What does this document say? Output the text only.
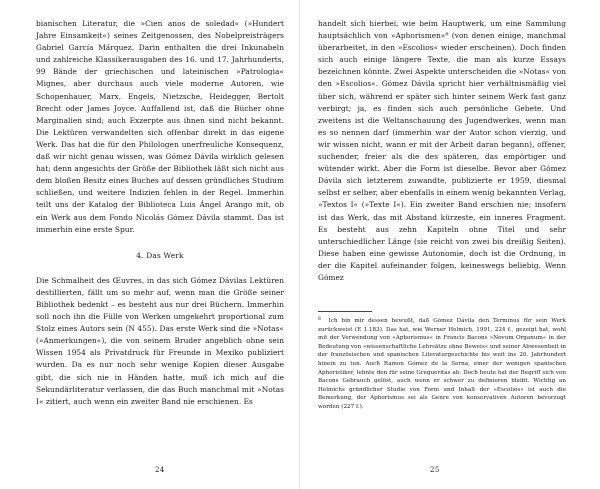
bianischen Literatur, die »Cien anos de soledad« (»Hundert Jahre Einsamkeit«) seines Zeitgenossen, des Nobelpreisträgers Gabriel García Márquez. Darin enthalten die drei Inkunabeln und zahlreiche Klassikerausgaben des 16. und 17. Jahrhunderts, 99 Bände der griechischen und lateinischen »Patrologia« Mignes, aber durchaus auch viele moderne Autoren, wie Schopenhauer, Marx, Engels, Nietzsche, Heidegger, Bertolt Brecht oder James Joyce. Auffallend ist, daß die Bücher ohne Marginalien sind; auch Exzerpte aus ihnen sind nicht bekannt. Die Lektüren verwandelten sich offenbar direkt in das eigene Werk. Das hat die für den Philologen unerfreuliche Konsequenz, daß wir nicht genau wissen, was Gómez Dávila wirklich gelesen hat; denn angesichts der Größe der Bibliothek läßt sich nicht aus dem bloßen Besitz eines Buches auf dessen gründliches Studium schließen, und weitere Indizien fehlen in der Regel. Immerhin teilt uns der Katalog der Biblioteca Luis Ángel Arango mit, ob ein Werk aus dem Fondo Nicolás Gómez Dávila stammt. Das ist immerhin eine erste Spur.

4. Das Werk

Die Schmalheit des Œuvres, in das sich Gómez Dávilas Lektüren destillierten, fällt um so mehr auf, wenn man die Größe seiner Bibliothek bedenkt – es besteht aus nur drei Büchern. Immerhin soll noch ihn die Fülle von Werken umgekehrt proportional zum Stolz eines Autors sein (N 455). Das erste Werk sind die »Notas« (»Anmerkungen«), die von seinem Bruder angeblich ohne sein Wissen 1954 als Privatdruck für Freunde in Mexiko publiziert wurden. Da es nur noch sehr wenige Kopien dieser Ausgabe gibt, die sich nie in Händen hatte, muß ich mich auf die Sekundärliteratur verlassen, die das Buch manchmal mit »Notas I« zitiert, auch wenn ein zweiter Band nie erschienen. Es

24

handelt sich hierbei, wie beim Hauptwerk, um eine Sammlung hauptsächlich von »Aphorismen«⁸ (von denen einige, manchmal überarbeitet, in den »Escolios« wieder erscheinen). Doch finden sich auch einige längere Texte, die man als kurze Essays bezeichnen könnte. Zwei Aspekte unterscheiden die »Notas« von den »Escolios«. Gómez Dávila spricht hier verhältnismäßig viel über sich, während er später sich hinter seinem Werk fast ganz verbirgt; ja, es finden sich auch persönliche Gebete. Und zweitens ist die Weltanschauung des Jugendwerkes, wenn man es so nennen darf (immerhin war der Autor schon vierzig, und wir wissen nicht, wann er mit der Arbeit daran begann), offener, suchender, freier als die des späteren, das empörtiger und wütender wirkt. Aber die Form ist dieselbe. Bevor aber Gómez Dávila sich letzterem zuwandte, publizierte er 1959, diesmal selbst er selber, aber ebenfalls in einem wenig bekannten Verlag, »Textos I« (»Texte I«). Ein zweiter Band erschien nie; insofern ist das Werk, das mit Abstand kürzeste, ein inneres Fragment. Es besteht aus zehn Kapiteln ohne Titel und sehr unterschiedlicher Länge (sie reicht von zwei bis dreißig Seiten). Diese haben eine gewisse Autonomie, doch ist die Ordnung, in der die Kapitel aufeinander folgen, keineswegs beliebig. Wenn Gómez

$^8$ Ich bin mir dessen bewußt, daß Gómez Dávila den Terminus für sein Werk zurückweist (E 1.183). Das hat, wie Werner Helmich, 1991, 224 f., gezeigt hat, wohl mit der Verwendung von »Aphorismus« in Francis Bacons »Novum Organum« in der Bedeutung von »wissenschaftliche Lehrsätze ohne Beweis« und seiner Abwesenheit in der französischen und spanischen Literaturgeschichte bis weit ins 20. Jahrhundert hinein zu tun. Auch Ramon Gómez de la Serna, einer der wenigen spanischen Aphoristiker, lehnte den für seine Gregueritas ab. Doch heute hat der Begriff sich von Bacons Gebrauch gelöst, auch wenn er schwer zu definieren bleibt. Wichtig an Helmichs gründlicher Studie von Form und Inhalt der »Escolios« ist auch die Bemerkung, der Aphorismus sei als Genre von konservativen Autoren bevorzugt worden (227 f.).

25
